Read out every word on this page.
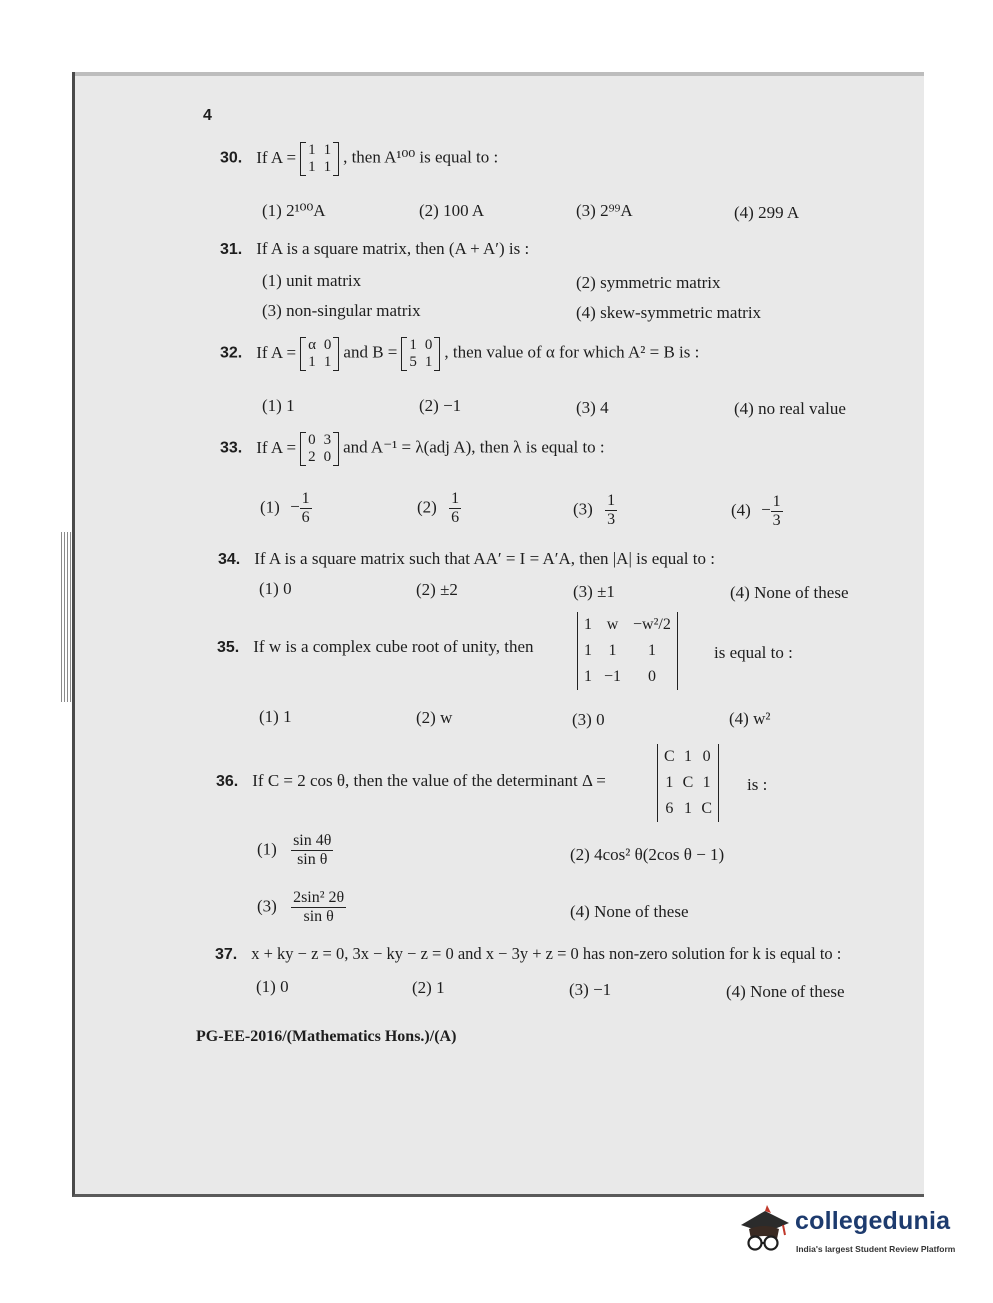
4
30. If A = 1	1
1	1
, then A¹⁰⁰ is equal to :
(1) 2¹⁰⁰A	(2) 100 A	(3) 2⁹⁹A	(4) 299 A
31. If A is a square matrix, then (A + A′) is :
(1) unit matrix	(2) symmetric matrix
(3) non-singular matrix	(4) skew-symmetric matrix
32. If A = α	0
1	1
and B = 1	0
5	1
, then value of α for which A² = B is :
(1) 1	(2) −1	(3) 4	(4) no real value
33. If A = 0	3
2	0
and A⁻¹ = λ(adj A), then λ is equal to :
$(1) - \frac{1}{6}$	$(2) \frac{1}{6}$	$(3) \frac{1}{3}$	$(4) - \frac{1}{3}$
34. If A is a square matrix such that AA′ = I = A′A, then |A| is equal to :
(1) 0	(2) ±2	(3) ±1	(4) None of these
35. If w is a complex cube root of unity, then
1	w	−w²/2
1	1	1
1	−1	0
is equal to :
(1) 1	(2) w	(3) 0	(4) w²
36. If C = 2 cos θ, then the value of the determinant Δ =
C	1	0
1	C	1
6	1	C
is :
$(1) \frac{\sin 4\theta}{\text{sin θ}}$	(2) 4cos² θ(2cos θ − 1)
$(3) \frac{\text{2sin² 2θ}}{\text{sin θ}}$	(4) None of these
37. x + ky − z = 0, 3x − ky − z = 0 and x − 3y + z = 0 has non-zero solution for k is equal to :
(1) 0	(2) 1	(3) −1	(4) None of these
PG-EE-2016/(Mathematics Hons.)/(A)
collegedunia
India's largest Student Review Platform
